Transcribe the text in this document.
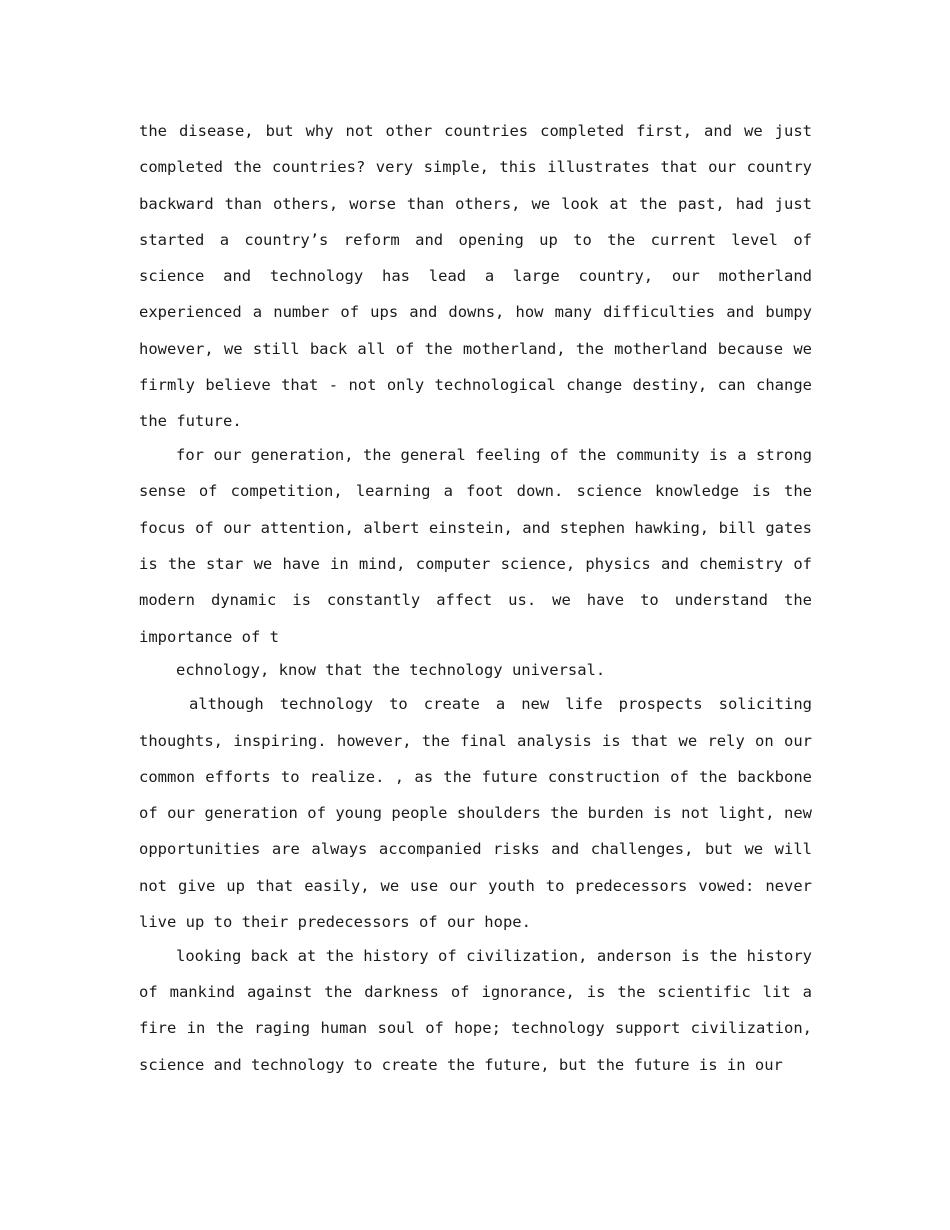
the disease, but why not other countries completed first, and we just completed the countries? very simple, this illustrates that our country backward than others, worse than others, we look at the past, had just started a country’s reform and opening up to the current level of science and technology has lead a large country, our motherland experienced a number of ups and downs, how many difficulties and bumpy however, we still back all of the motherland, the motherland because we firmly believe that - not only technological change destiny, can change the future.

for our generation, the general feeling of the community is a strong sense of competition, learning a foot down. science knowledge is the focus of our attention, albert einstein, and stephen hawking, bill gates is the star we have in mind, computer science, physics and chemistry of modern dynamic is constantly affect us. we have to understand the importance of t

echnology, know that the technology universal.

although technology to create a new life prospects soliciting thoughts, inspiring. however, the final analysis is that we rely on our common efforts to realize. , as the future construction of the backbone of our generation of young people shoulders the burden is not light, new opportunities are always accompanied risks and challenges, but we will not give up that easily, we use our youth to predecessors vowed: never live up to their predecessors of our hope.

looking back at the history of civilization, anderson is the history of mankind against the darkness of ignorance, is the scientific lit a fire in the raging human soul of hope; technology support civilization, science and technology to create the future, but the future is in our
